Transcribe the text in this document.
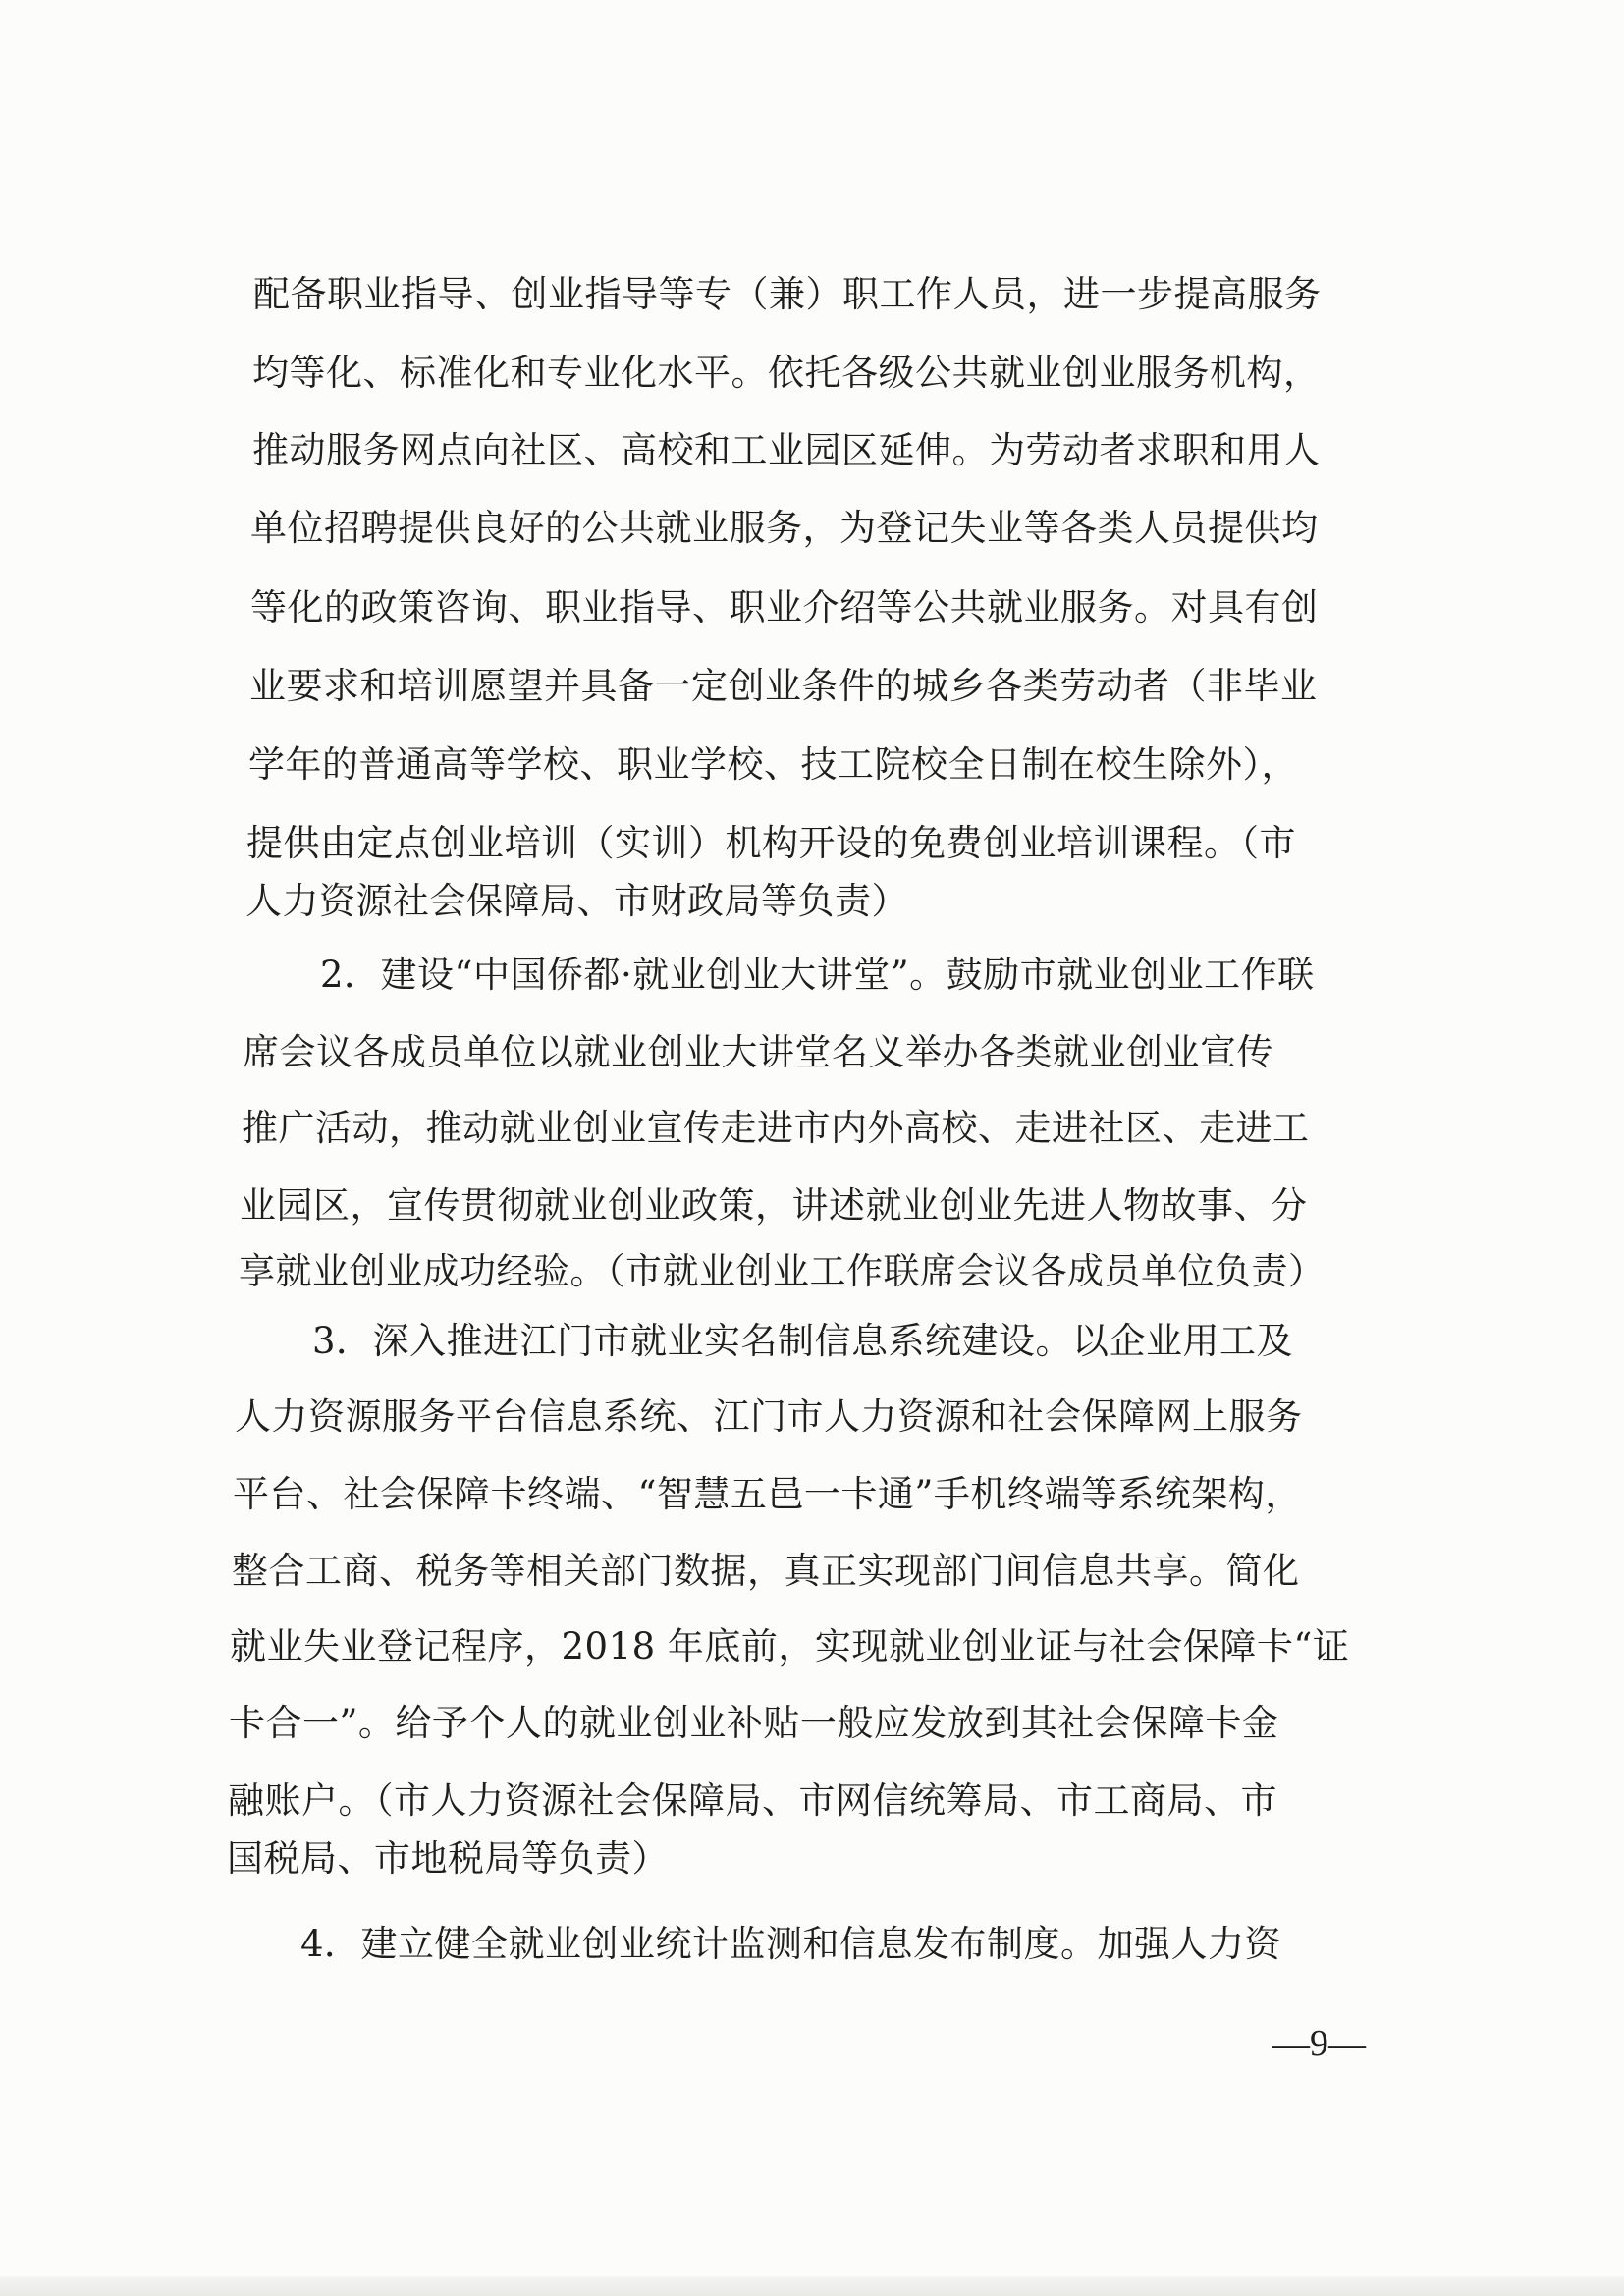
配备职业指导、创业指导等专（兼）职工作人员，进一步提高服务
均等化、标准化和专业化水平。依托各级公共就业创业服务机构，
推动服务网点向社区、高校和工业园区延伸。为劳动者求职和用人
单位招聘提供良好的公共就业服务，为登记失业等各类人员提供均
等化的政策咨询、职业指导、职业介绍等公共就业服务。对具有创
业要求和培训愿望并具备一定创业条件的城乡各类劳动者（非毕业
学年的普通高等学校、职业学校、技工院校全日制在校生除外），
提供由定点创业培训（实训）机构开设的免费创业培训课程。（市
人力资源社会保障局、市财政局等负责）
2．建设“中国侨都·就业创业大讲堂”。鼓励市就业创业工作联
席会议各成员单位以就业创业大讲堂名义举办各类就业创业宣传
推广活动，推动就业创业宣传走进市内外高校、走进社区、走进工
业园区，宣传贯彻就业创业政策，讲述就业创业先进人物故事、分
享就业创业成功经验。（市就业创业工作联席会议各成员单位负责）
3．深入推进江门市就业实名制信息系统建设。以企业用工及
人力资源服务平台信息系统、江门市人力资源和社会保障网上服务
平台、社会保障卡终端、“智慧五邑一卡通”手机终端等系统架构，
整合工商、税务等相关部门数据，真正实现部门间信息共享。简化
就业失业登记程序，2018 年底前，实现就业创业证与社会保障卡“证
卡合一”。给予个人的就业创业补贴一般应发放到其社会保障卡金
融账户。（市人力资源社会保障局、市网信统筹局、市工商局、市
国税局、市地税局等负责）
4．建立健全就业创业统计监测和信息发布制度。加强人力资
—9—
